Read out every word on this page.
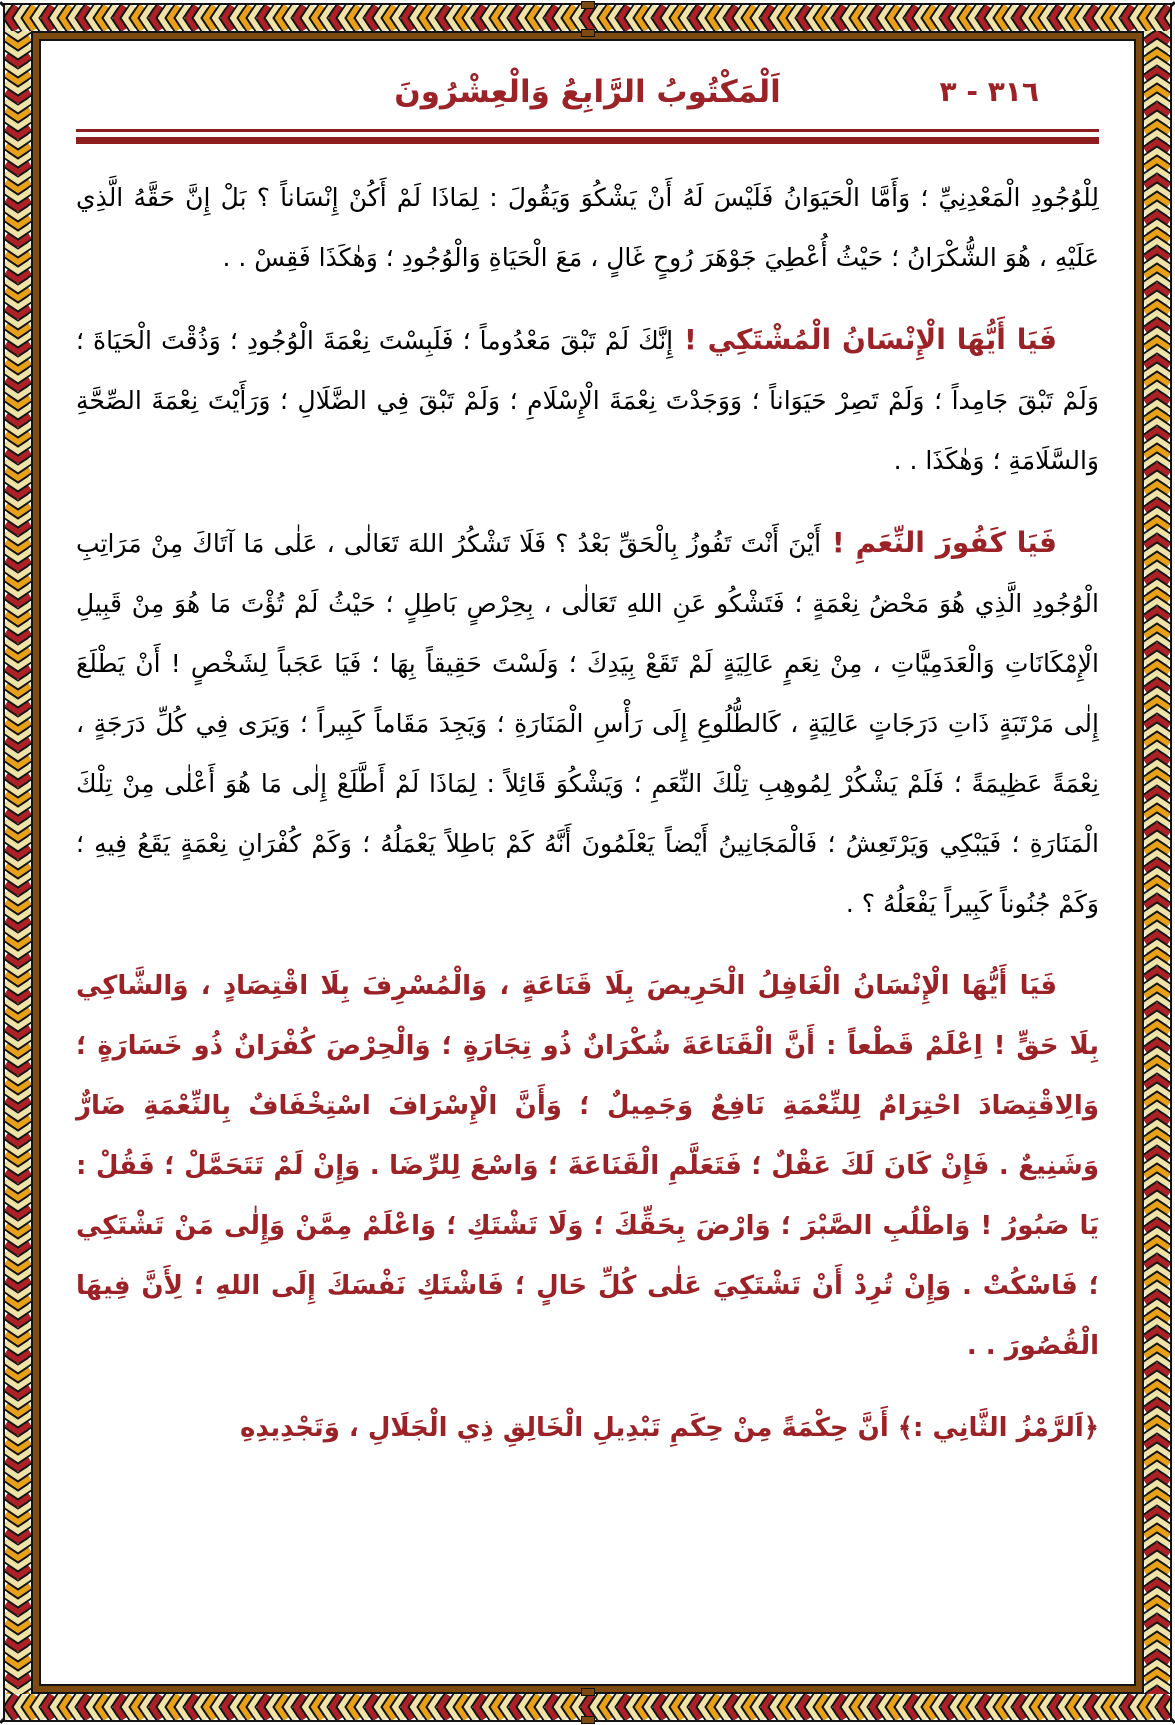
اَلْمَكْتُوبُ الرَّابِعُ وَالْعِشْرُونَ	٣١٦ - ٣

لِلْوُجُودِ الْمَعْدِنِيِّ ؛ وَأَمَّا الْحَيَوَانُ فَلَيْسَ لَهُ أَنْ يَشْكُوَ وَيَقُولَ : لِمَاذَا لَمْ أَكُنْ إِنْسَاناً ؟ بَلْ إِنَّ حَقَّهُ الَّذِي عَلَيْهِ ، هُوَ الشُّكْرَانُ ؛ حَيْثُ أُعْطِيَ جَوْهَرَ رُوحٍ غَالٍ ، مَعَ الْحَيَاةِ وَالْوُجُودِ ؛ وَهٰكَذَا فَقِسْ . .

فَيَا أَيُّهَا الْإِنْسَانُ الْمُشْتَكِي ! إِنَّكَ لَمْ تَبْقَ مَعْدُوماً ؛ فَلَبِسْتَ نِعْمَةَ الْوُجُودِ ؛ وَذُقْتَ الْحَيَاةَ ؛ وَلَمْ تَبْقَ جَامِداً ؛ وَلَمْ تَصِرْ حَيَوَاناً ؛ وَوَجَدْتَ نِعْمَةَ الْإِسْلَامِ ؛ وَلَمْ تَبْقَ فِي الضَّلَالِ ؛ وَرَأَيْتَ نِعْمَةَ الصِّحَّةِ وَالسَّلَامَةِ ؛ وَهٰكَذَا . .

فَيَا كَفُورَ النِّعَمِ ! أَيْنَ أَنْتَ تَفُوزُ بِالْحَقِّ بَعْدُ ؟ فَلَا تَشْكُرُ اللهَ تَعَالٰى ، عَلٰى مَا آتَاكَ مِنْ مَرَاتِبِ الْوُجُودِ الَّذِي هُوَ مَحْضُ نِعْمَةٍ ؛ فَتَشْكُو عَنِ اللهِ تَعَالٰى ، بِحِرْصٍ بَاطِلٍ ؛ حَيْثُ لَمْ تُؤْتَ مَا هُوَ مِنْ قَبِيلِ الْإِمْكَانَاتِ وَالْعَدَمِيَّاتِ ، مِنْ نِعَمٍ عَالِيَةٍ لَمْ تَقَعْ بِيَدِكَ ؛ وَلَسْتَ حَقِيقاً بِهَا ؛ فَيَا عَجَباً لِشَخْصٍ ! أَنْ يَطْلَعَ إِلٰى مَرْتَبَةٍ ذَاتِ دَرَجَاتٍ عَالِيَةٍ ، كَالطُّلُوعِ إِلَى رَأْسِ الْمَنَارَةِ ؛ وَيَجِدَ مَقَاماً كَبِيراً ؛ وَيَرَى فِي كُلِّ دَرَجَةٍ ، نِعْمَةً عَظِيمَةً ؛ فَلَمْ يَشْكُرْ لِمُوهِبِ تِلْكَ النِّعَمِ ؛ وَيَشْكُوَ قَائِلاً : لِمَاذَا لَمْ أَطَّلَعْ إِلٰى مَا هُوَ أَعْلٰى مِنْ تِلْكَ الْمَنَارَةِ ؛ فَيَبْكِي وَيَرْتَعِشُ ؛ فَالْمَجَانِينُ أَيْضاً يَعْلَمُونَ أَنَّهُ كَمْ بَاطِلاً يَعْمَلُهُ ؛ وَكَمْ كُفْرَانِ نِعْمَةٍ يَقَعُ فِيهِ ؛ وَكَمْ جُنُوناً كَبِيراً يَفْعَلُهُ ؟ .

فَيَا أَيُّهَا الْإِنْسَانُ الْغَافِلُ الْحَرِيصَ بِلَا قَنَاعَةٍ ، وَالْمُسْرِفَ بِلَا اقْتِصَادٍ ، وَالشَّاكِي بِلَا حَقٍّ ! اِعْلَمْ قَطْعاً : أَنَّ الْقَنَاعَةَ شُكْرَانٌ ذُو تِجَارَةٍ ؛ وَالْحِرْصَ كُفْرَانٌ ذُو خَسَارَةٍ ؛ وَالِاقْتِصَادَ احْتِرَامٌ لِلنِّعْمَةِ نَافِعٌ وَجَمِيلٌ ؛ وَأَنَّ الْإِسْرَافَ اسْتِخْفَافٌ بِالنِّعْمَةِ ضَارٌّ وَشَنِيعٌ . فَإِنْ كَانَ لَكَ عَقْلٌ ؛ فَتَعَلَّمِ الْقَنَاعَةَ ؛ وَاسْعَ لِلرِّضَا . وَإِنْ لَمْ تَتَحَمَّلْ ؛ فَقُلْ : يَا صَبُورُ ! وَاطْلُبِ الصَّبْرَ ؛ وَارْضَ بِحَقِّكَ ؛ وَلَا تَشْتَكِ ؛ وَاعْلَمْ مِمَّنْ وَإِلٰى مَنْ تَشْتَكِي ؛ فَاسْكُتْ . وَإِنْ تُرِدْ أَنْ تَشْتَكِيَ عَلٰى كُلِّ حَالٍ ؛ فَاشْتَكِ نَفْسَكَ إِلَى اللهِ ؛ لِأَنَّ فِيهَا الْقُصُورَ . .

﴿اَلرَّمْزُ الثَّانِي :﴾ أَنَّ حِكْمَةً مِنْ حِكَمِ تَبْدِيلِ الْخَالِقِ ذِي الْجَلَالِ ، وَتَجْدِيدِهِ
